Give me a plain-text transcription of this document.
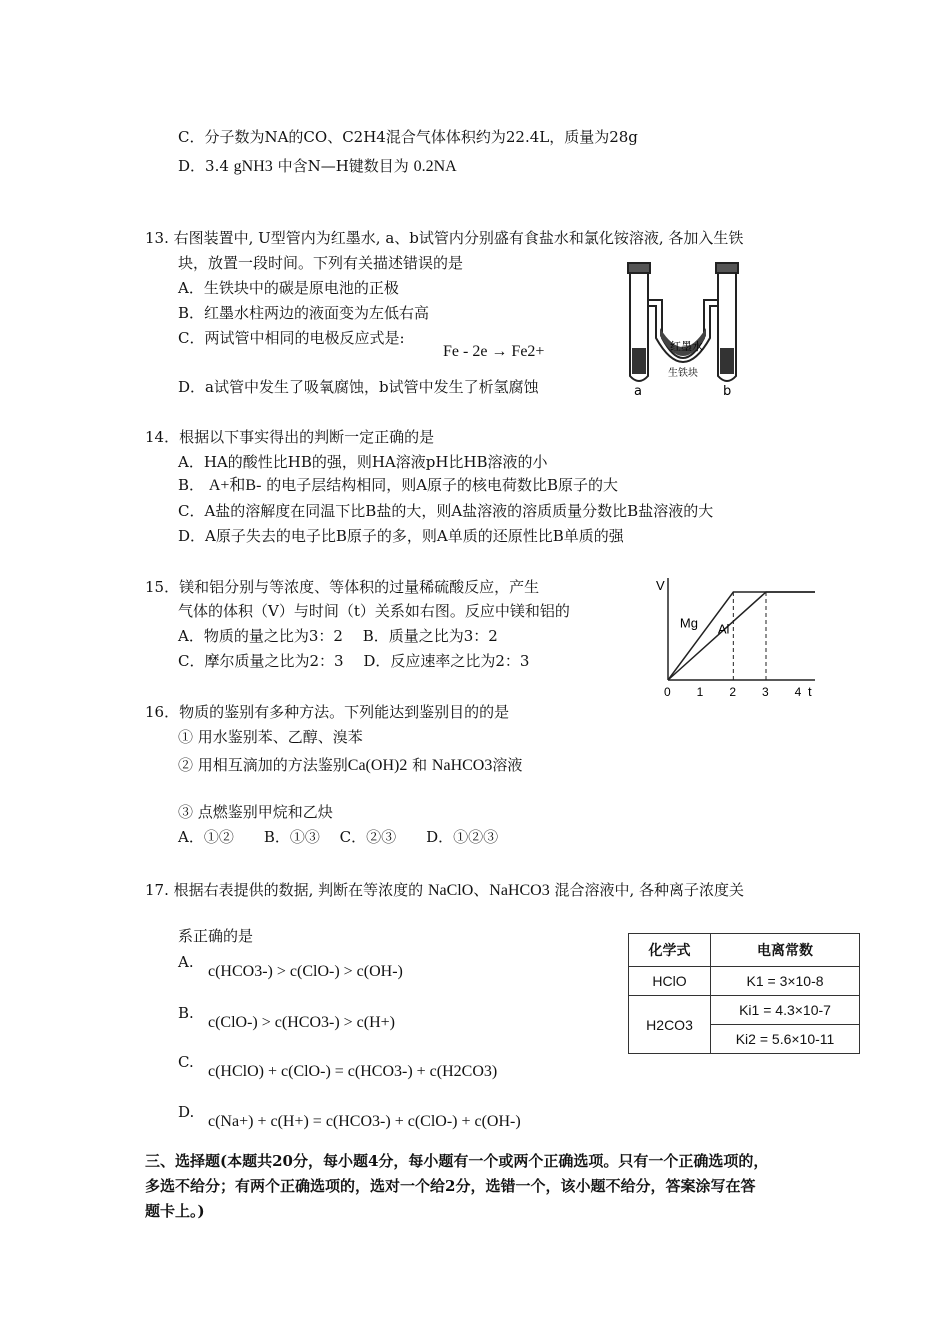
C．分子数为NA的CO、C2H4混合气体体积约为22.4L，质量为28g
D．3.4 gNH3 中含N—H键数目为 0.2NA
13. 右图装置中, U型管内为红墨水, a、b试管内分别盛有食盐水和氯化铵溶液, 各加入生铁
块，放置一段时间。下列有关描述错误的是
A．生铁块中的碳是原电池的正极
B．红墨水柱两边的液面变为左低右高
C．两试管中相同的电极反应式是:
Fe - 2e → Fe2+
D．a试管中发生了吸氧腐蚀，b试管中发生了析氢腐蚀
红墨水
生铁块
a	b
14．根据以下事实得出的判断一定正确的是
A．HA的酸性比HB的强，则HA溶液pH比HB溶液的小
B． A+和B- 的电子层结构相同，则A原子的核电荷数比B原子的大
C．A盐的溶解度在同温下比B盐的大，则A盐溶液的溶质质量分数比B盐溶液的大
D．A原子失去的电子比B原子的多，则A单质的还原性比B单质的强
15．镁和铝分别与等浓度、等体积的过量稀硫酸反应，产生
气体的体积（V）与时间（t）关系如右图。反应中镁和铝的
A．物质的量之比为3：2　 B．质量之比为3：2
C．摩尔质量之比为2：3　 D．反应速率之比为2：3
V
t
0 1 2 3 4
Mg Al
16．物质的鉴别有多种方法。下列能达到鉴别目的的是
① 用水鉴别苯、乙醇、溴苯
② 用相互滴加的方法鉴别Ca(OH)2 和 NaHCO3溶液
③ 点燃鉴别甲烷和乙炔
A．①②　　B．①③　 C．②③　　D．①②③
17. 根据右表提供的数据, 判断在等浓度的 NaClO、NaHCO3 混合溶液中, 各种离子浓度关
系正确的是
A.
c(HCO3-) > c(ClO-) > c(OH-)
B.
c(ClO-) > c(HCO3-) > c(H+)
C.
c(HClO) + c(ClO-) = c(HCO3-) + c(H2CO3)
D.
c(Na+) + c(H+) = c(HCO3-) + c(ClO-) + c(OH-)
化学式	电离常数
HClO	K1 = 3×10-8
H2CO3	Ki1 = 4.3×10-7
	Ki2 = 5.6×10-11
三、选择题(本题共20分，每小题4分，每小题有一个或两个正确选项。只有一个正确选项的，
多选不给分；有两个正确选项的，选对一个给2分，选错一个，该小题不给分，答案涂写在答
题卡上。)
